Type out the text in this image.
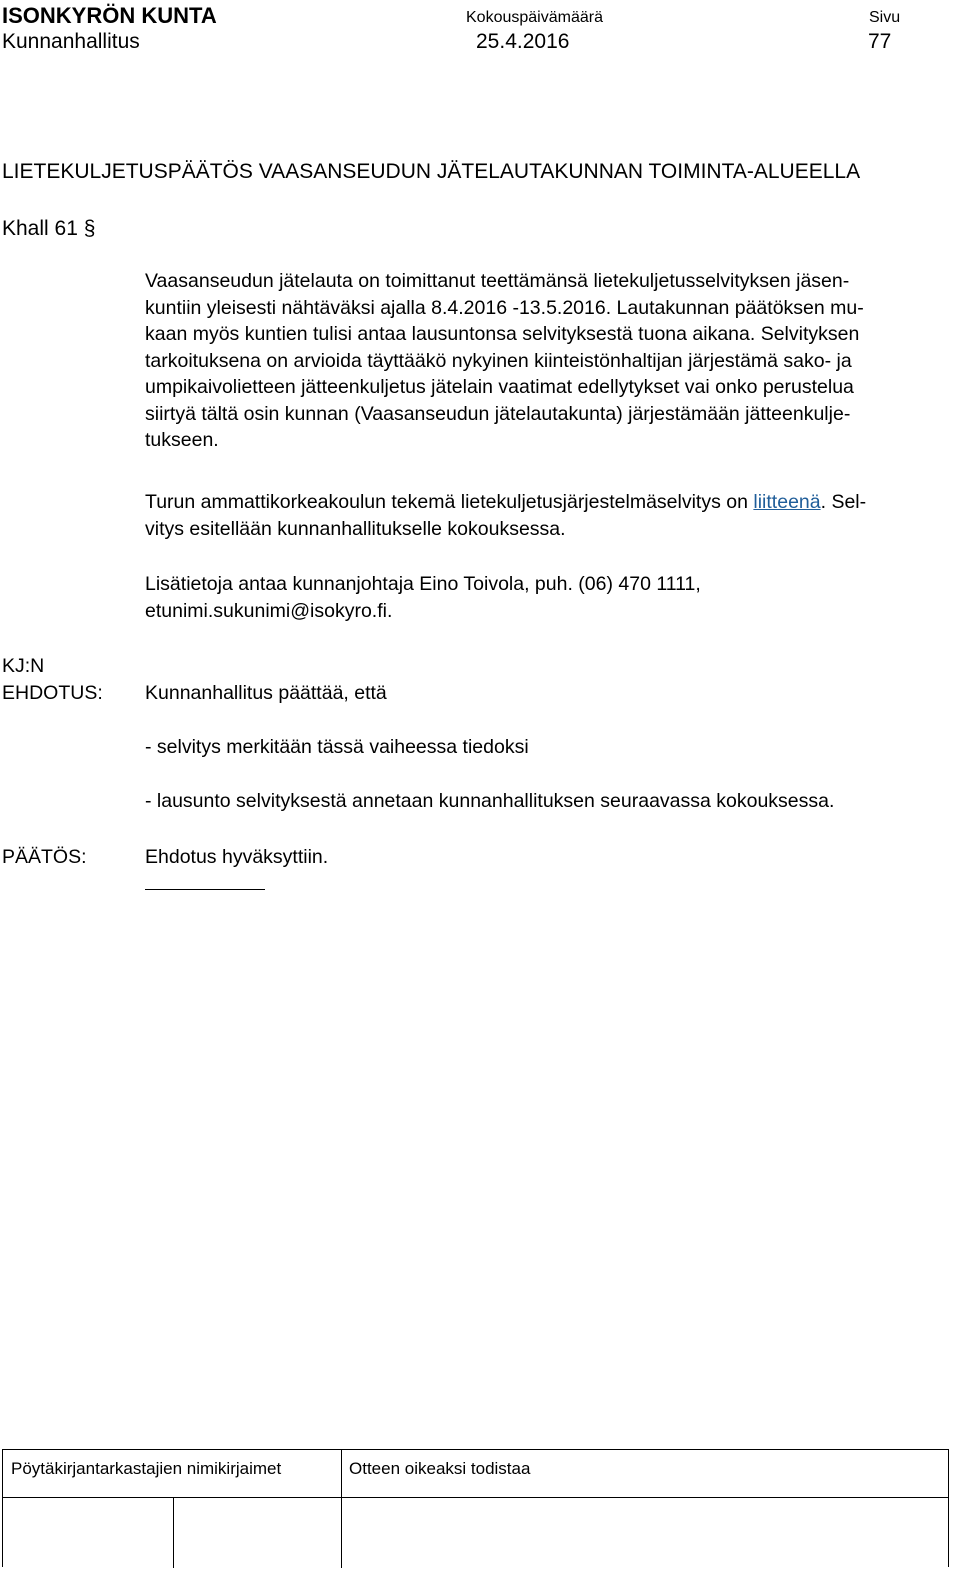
ISONKYRÖN KUNTA
Kunnanhallitus
Kokouspäivämäärä
25.4.2016
Sivu
77
LIETEKULJETUSPÄÄTÖS VAASANSEUDUN JÄTELAUTAKUNNAN TOIMINTA-ALUEELLA
Khall 61 §
Vaasanseudun jätelauta on toimittanut teettämänsä lietekuljetusselvityksen jäsen-
kuntiin yleisesti nähtäväksi ajalla 8.4.2016 -13.5.2016. Lautakunnan päätöksen mu-
kaan myös kuntien tulisi antaa lausuntonsa selvityksestä tuona aikana. Selvityksen
tarkoituksena on arvioida täyttääkö nykyinen kiinteistönhaltijan järjestämä sako- ja
umpikaivolietteen jätteenkuljetus jätelain vaatimat edellytykset vai onko perustelua
siirtyä tältä osin kunnan (Vaasanseudun jätelautakunta) järjestämään jätteenkulje-
tukseen.
Turun ammattikorkeakoulun tekemä lietekuljetusjärjestelmäselvitys on liitteenä. Sel-
vitys esitellään kunnanhallitukselle kokouksessa.
Lisätietoja antaa kunnanjohtaja Eino Toivola, puh. (06) 470 1111,
etunimi.sukunimi@isokyro.fi.
KJ:N
EHDOTUS: Kunnanhallitus päättää, että
- selvitys merkitään tässä vaiheessa tiedoksi
- lausunto selvityksestä annetaan kunnanhallituksen seuraavassa kokouksessa.
PÄÄTÖS:	Ehdotus hyväksyttiin.
Pöytäkirjantarkastajien nimikirjaimet	Otteen oikeaksi todistaa
